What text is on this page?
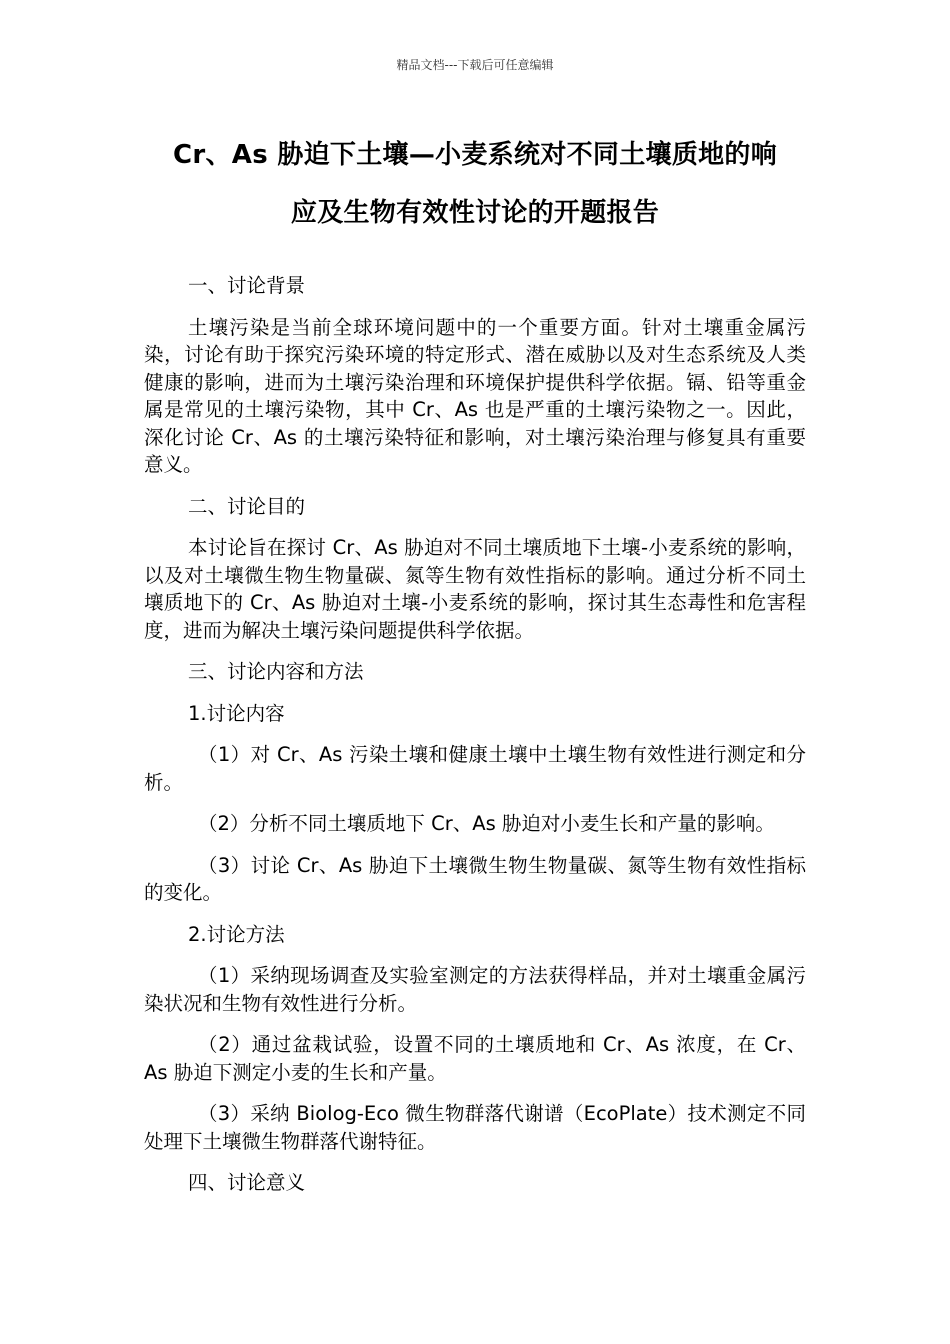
精品文档---下载后可任意编辑
Cr、As 胁迫下土壤—小麦系统对不同土壤质地的响
应及生物有效性讨论的开题报告

一、讨论背景

土壤污染是当前全球环境问题中的一个重要方面。针对土壤重金属污染，讨论有助于探究污染环境的特定形式、潜在威胁以及对生态系统及人类健康的影响，进而为土壤污染治理和环境保护提供科学依据。镉、铅等重金属是常见的土壤污染物，其中 Cr、As 也是严重的土壤污染物之一。因此，深化讨论 Cr、As 的土壤污染特征和影响，对土壤污染治理与修复具有重要意义。

二、讨论目的

本讨论旨在探讨 Cr、As 胁迫对不同土壤质地下土壤-小麦系统的影响，以及对土壤微生物生物量碳、氮等生物有效性指标的影响。通过分析不同土壤质地下的 Cr、As 胁迫对土壤-小麦系统的影响，探讨其生态毒性和危害程度，进而为解决土壤污染问题提供科学依据。

三、讨论内容和方法

1.讨论内容

（1）对 Cr、As 污染土壤和健康土壤中土壤生物有效性进行测定和分析。

（2）分析不同土壤质地下 Cr、As 胁迫对小麦生长和产量的影响。

（3）讨论 Cr、As 胁迫下土壤微生物生物量碳、氮等生物有效性指标的变化。

2.讨论方法

（1）采纳现场调查及实验室测定的方法获得样品，并对土壤重金属污染状况和生物有效性进行分析。

（2）通过盆栽试验，设置不同的土壤质地和 Cr、As 浓度，在 Cr、As 胁迫下测定小麦的生长和产量。

（3）采纳 Biolog-Eco 微生物群落代谢谱（EcoPlate）技术测定不同处理下土壤微生物群落代谢特征。

四、讨论意义
